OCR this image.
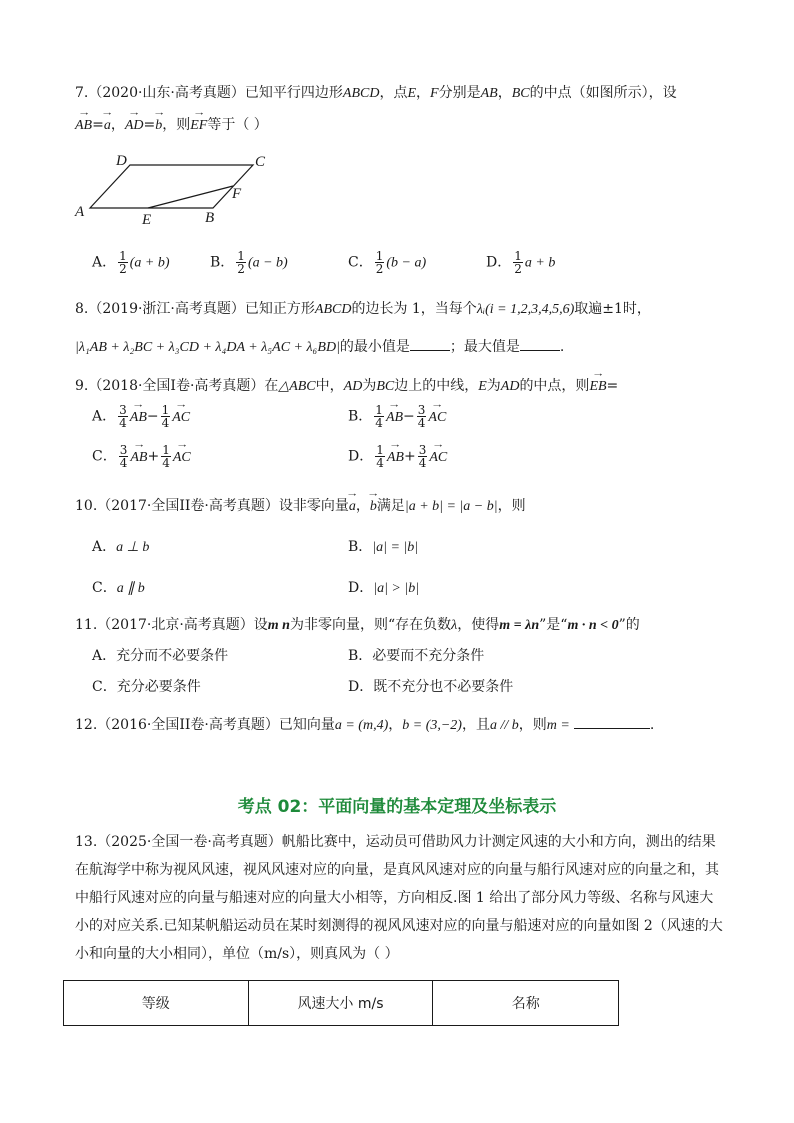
7.（2020·山东·高考真题）已知平行四边形ABCD，点E，F分别是AB，BC的中点（如图所示），设
→ AB=→ a，→ AD=→ b，则→ EF等于（ ）
D	C
F
A	E	B
A． $\frac{1}{2} (a + b)$	B． $\frac{1}{2} (a - b)$	C． $\frac{1}{2} (b - a)$	D． $\frac{1}{2}$ a + b
8.（2019·浙江·高考真题）已知正方形ABCD的边长为 1，当每个λᵢ(i = 1,2,3,4,5,6)取遍±1时，
|λ₁AB + λ₂BC + λ₃CD + λ₄DA + λ₅AC + λ₆BD|的最小值是	；最大值是	.
9.（2018·全国I卷·高考真题）在△ABC中，AD为BC边上的中线，E为AD的中点，则→ EB=
A． $\frac{3}{4}$
→ $AB- \frac{1}{4}$
→ AC	B． $\frac{1}{4}$
→ $AB- \frac{3}{4}$
→ AC
C． $\frac{3}{4}$
→ $AB+ \frac{1}{4}$
→ AC	D． $\frac{1}{4}$
→ $AB+ \frac{3}{4}$
→ AC
10.（2017·全国II卷·高考真题）设非零向量→ a，→ b满足|a + b| = |a − b|，则
A．a ⊥ b	B．|a| = |b|
C．a ∥ b	D．|a| > |b|
11.（2017·北京·高考真题）设m n为非零向量，则“存在负数λ，使得m = λn”是“m · n < 0”的
A．充分而不必要条件	B．必要而不充分条件
C．充分必要条件	D．既不充分也不必要条件
12.（2016·全国II卷·高考真题）已知向量a = (m,4)，b = (3,−2)，且a // b，则m =	.
考点 02：平面向量的基本定理及坐标表示
13.（2025·全国一卷·高考真题）帆船比赛中，运动员可借助风力计测定风速的大小和方向，测出的结果在航海学中称为视风风速，视风风速对应的向量，是真风风速对应的向量与船行风速对应的向量之和，其中船行风速对应的向量与船速对应的向量大小相等，方向相反.图 1 给出了部分风力等级、名称与风速大小的对应关系.已知某帆船运动员在某时刻测得的视风风速对应的向量与船速对应的向量如图 2（风速的大小和向量的大小相同），单位（m/s），则真风为（ ）
等级	风速大小 m/s	名称
